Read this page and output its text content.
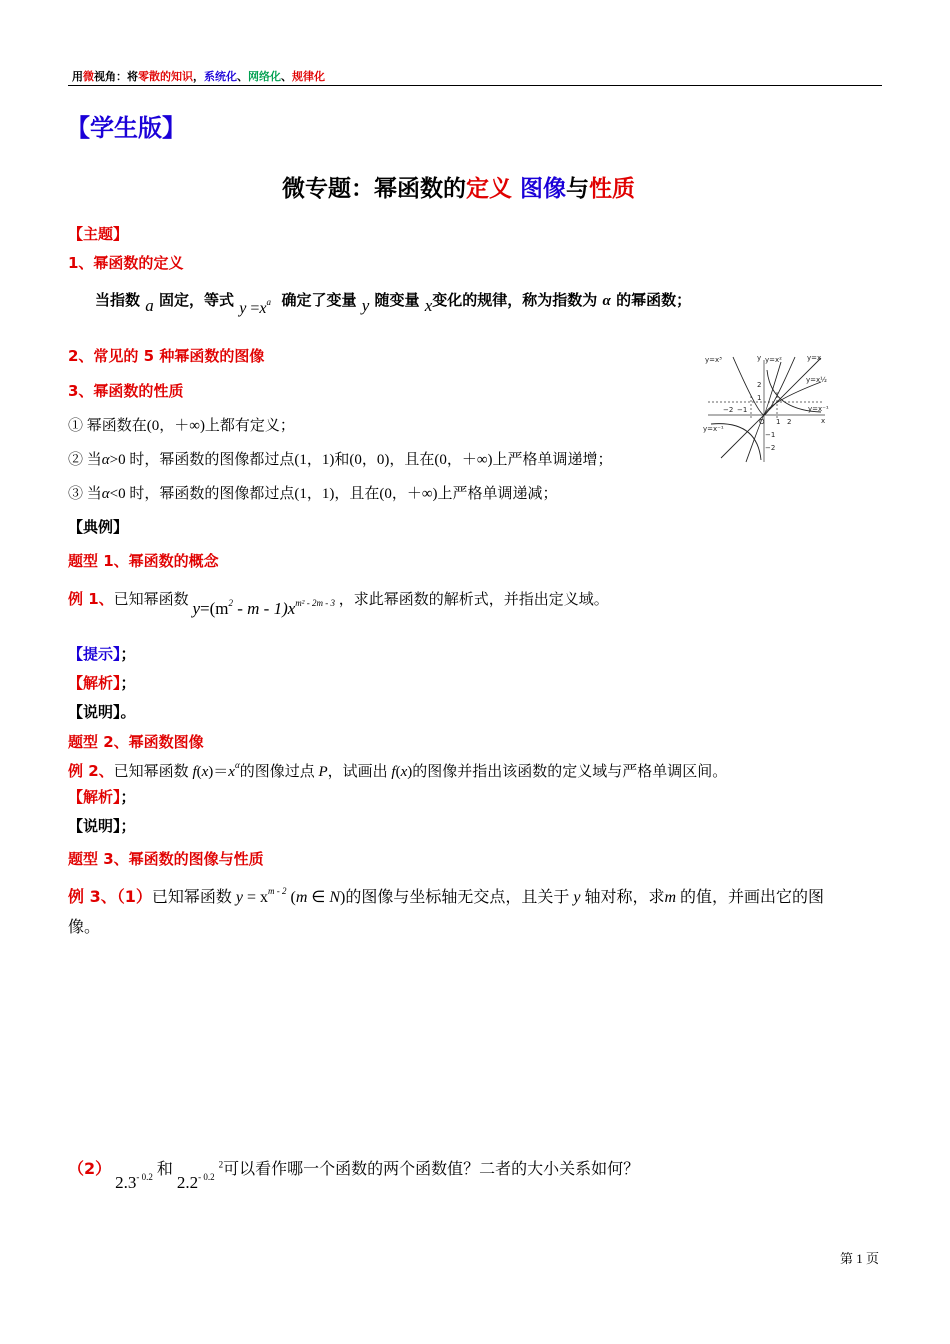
用微视角：将零散的知识，系统化、网络化、规律化
【学生版】
微专题：幂函数的定义 图像与性质
【主题】
1、幂函数的定义
当指数 a 固定，等式 $y =x^a$ 确定了变量 y 随变量 x变化的规律，称为指数为 α 的幂函数；
2、常见的 5 种幂函数的图像	y=x³	y=x²	y=x
y=x½
y=x⁻¹
y=x⁻¹
−2 −1
1 2
2
1
−1
−2
O	x
y
3、幂函数的性质
① 幂函数在(0，＋∞)上都有定义；
② 当α>0 时，幂函数的图像都过点(1，1)和(0，0)，且在(0，＋∞)上严格单调递增；
③ 当α<0 时，幂函数的图像都过点(1，1)，且在(0，＋∞)上严格单调递减；
【典例】
题型 1、幂函数的概念
例 1、已知幂函数 $y=(m^2 - m - 1)x^{m^2 - 2m - 3}$ ，求此幂函数的解析式，并指出定义域。
【提示】；
【解析】；
【说明】。
题型 2、幂函数图像
例 2、已知幂函数 $f(x)=x^\alpha$的图像过点 P，试画出 f(x)的图像并指出该函数的定义域与严格单调区间。
【解析】；
【说明】；
题型 3、幂函数的图像与性质
例 3、（1）已知幂函数 $y = x^{m - 2}$ (m ∈ N)的图像与坐标轴无交点，且关于 y 轴对称，求m 的值，并画出它的图
像。
（2） $2.3^{- 0.2}$ 和 $2.2^{- 0.2}$ $^2$可以看作哪一个函数的两个函数值？二者的大小关系如何？
第 1 页
